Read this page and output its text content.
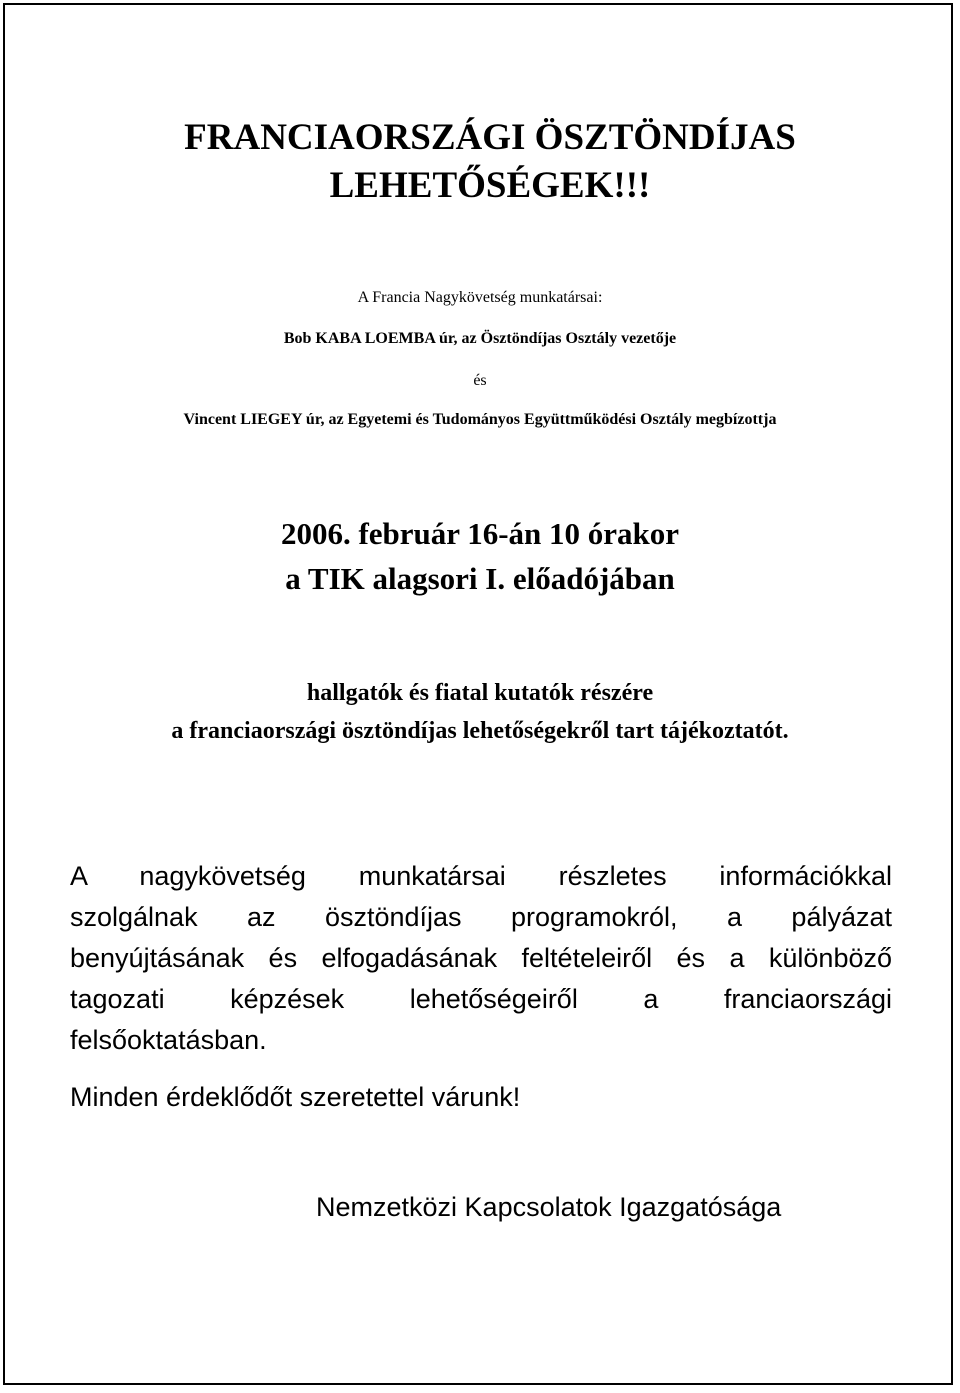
FRANCIAORSZÁGI ÖSZTÖNDÍJAS
LEHETŐSÉGEK!!!
A Francia Nagykövetség munkatársai:
Bob KABA LOEMBA úr, az Ösztöndíjas Osztály vezetője
és
Vincent LIEGEY úr, az Egyetemi és Tudományos Együttműködési Osztály megbízottja
2006. február 16-án 10 órakor
a TIK alagsori I. előadójában
hallgatók és fiatal kutatók részére
a franciaországi ösztöndíjas lehetőségekről tart tájékoztatót.
A nagykövetség munkatársai részletes információkkal
szolgálnak az ösztöndíjas programokról, a pályázat
benyújtásának és elfogadásának feltételeiről és a különböző
tagozati képzések lehetőségeiről a franciaországi
felsőoktatásban.
Minden érdeklődőt szeretettel várunk!
Nemzetközi Kapcsolatok Igazgatósága
